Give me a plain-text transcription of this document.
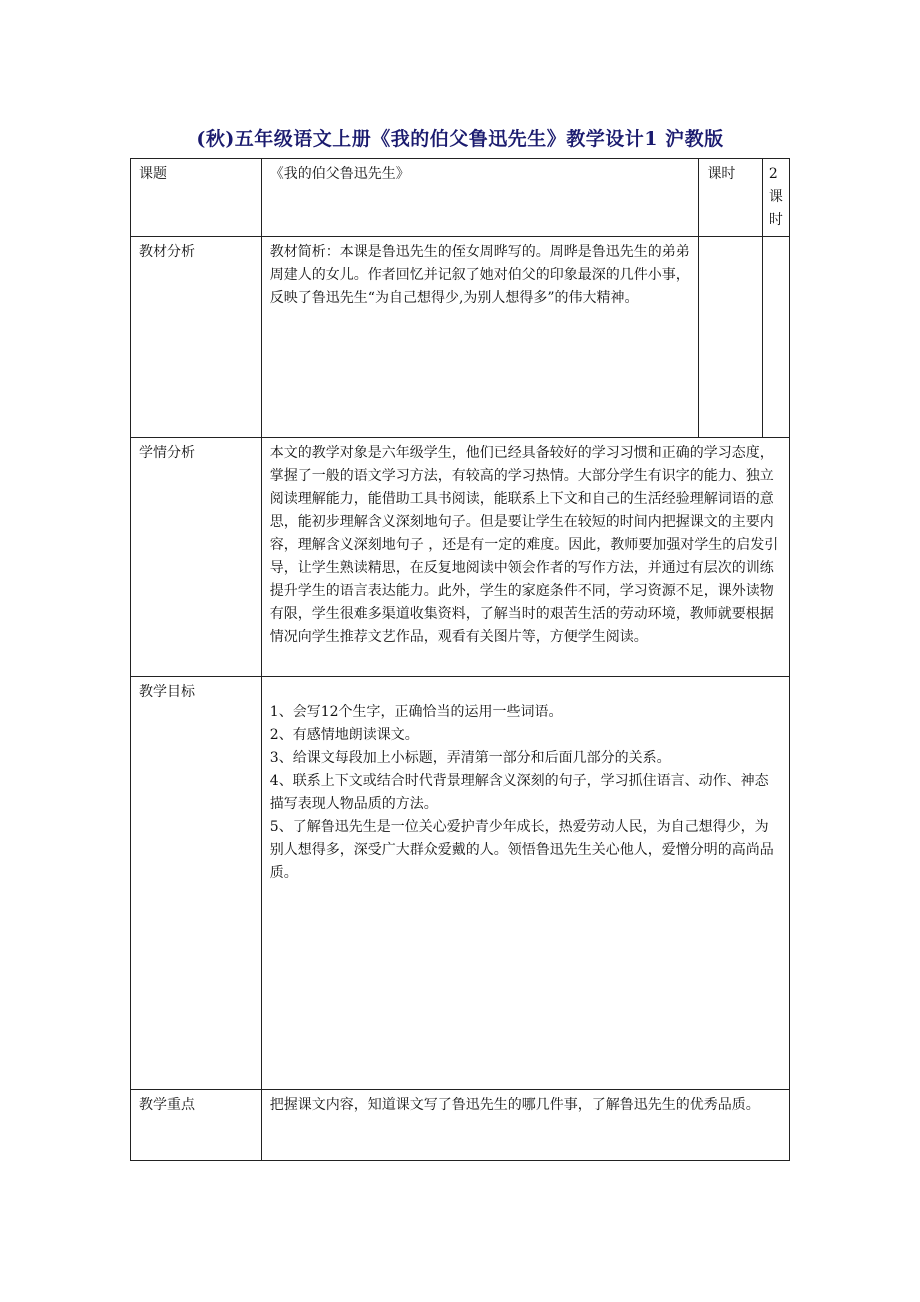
(秋)五年级语文上册《我的伯父鲁迅先生》教学设计1 沪教版
课题	《我的伯父鲁迅先生》	课时	2课时
教材分析	教材简析：本课是鲁迅先生的侄女周晔写的。周晔是鲁迅先生的弟弟周建人的女儿。作者回忆并记叙了她对伯父的印象最深的几件小事，反映了鲁迅先生“为自己想得少,为别人想得多”的伟大精神。		
学情分析	本文的教学对象是六年级学生，他们已经具备较好的学习习惯和正确的学习态度，掌握了一般的语文学习方法，有较高的学习热情。大部分学生有识字的能力、独立阅读理解能力，能借助工具书阅读，能联系上下文和自己的生活经验理解词语的意思，能初步理解含义深刻地句子。但是要让学生在较短的时间内把握课文的主要内容，理解含义深刻地句子 ，还是有一定的难度。因此，教师要加强对学生的启发引导，让学生熟读精思，在反复地阅读中领会作者的写作方法，并通过有层次的训练提升学生的语言表达能力。此外，学生的家庭条件不同，学习资源不足，课外读物有限，学生很难多渠道收集资料，了解当时的艰苦生活的劳动环境，教师就要根据情况向学生推荐文艺作品，观看有关图片等，方便学生阅读。		
教学目标	1、会写12个生字，正确恰当的运用一些词语。
2、有感情地朗读课文。
3、给课文每段加上小标题，弄清第一部分和后面几部分的关系。
4、联系上下文或结合时代背景理解含义深刻的句子，学习抓住语言、动作、神态描写表现人物品质的方法。
5、了解鲁迅先生是一位关心爱护青少年成长，热爱劳动人民，为自己想得少，为别人想得多，深受广大群众爱戴的人。领悟鲁迅先生关心他人，爱憎分明的高尚品质。		

教学重点	把握课文内容，知道课文写了鲁迅先生的哪几件事，了解鲁迅先生的优秀品质。		
